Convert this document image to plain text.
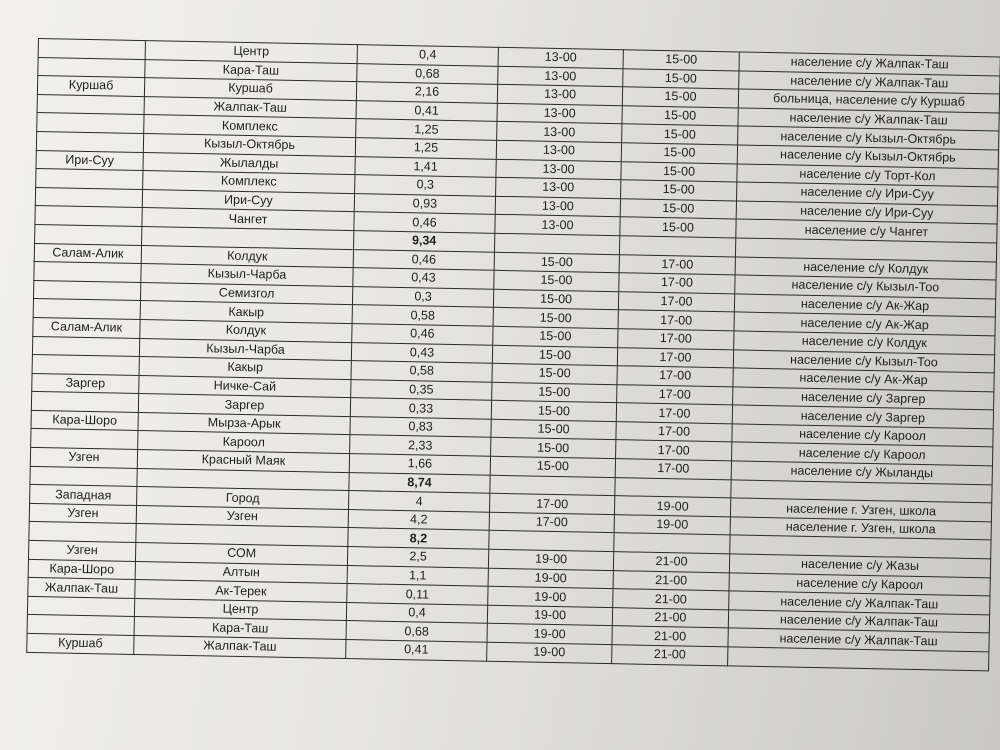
	Центр	0,4	13-00	15-00	население с/у Жалпак-Таш
	Кара-Таш	0,68	13-00	15-00	население с/у Жалпак-Таш
Куршаб	Куршаб	2,16	13-00	15-00	больница, население с/у Куршаб
	Жалпак-Таш	0,41	13-00	15-00	население с/у Жалпак-Таш
	Комплекс	1,25	13-00	15-00	население с/у Кызыл-Октябрь
	Кызыл-Октябрь	1,25	13-00	15-00	население с/у Кызыл-Октябрь
Ири-Суу	Жылалды	1,41	13-00	15-00	население с/у Торт-Кол
	Комплекс	0,3	13-00	15-00	население с/у Ири-Суу
	Ири-Суу	0,93	13-00	15-00	население с/у Ири-Суу
	Чангет	0,46	13-00	15-00	население с/у Чангет
		9,34			
Салам-Алик	Колдук	0,46	15-00	17-00	население с/у Колдук
	Кызыл-Чарба	0,43	15-00	17-00	население с/у Кызыл-Тоо
	Семизгол	0,3	15-00	17-00	население с/у Ак-Жар
	Какыр	0,58	15-00	17-00	население с/у Ак-Жар
Салам-Алик	Колдук	0,46	15-00	17-00	население с/у Колдук
	Кызыл-Чарба	0,43	15-00	17-00	население с/у Кызыл-Тоо
	Какыр	0,58	15-00	17-00	население с/у Ак-Жар
Заргер	Ничке-Сай	0,35	15-00	17-00	население с/у Заргер
	Заргер	0,33	15-00	17-00	население с/у Заргер
Кара-Шоро	Мырза-Арык	0,83	15-00	17-00	население с/у Кароол
	Кароол	2,33	15-00	17-00	население с/у Кароол
Узген	Красный Маяк	1,66	15-00	17-00	население с/у Жыланды
		8,74			
Западная	Город	4	17-00	19-00	население г. Узген, школа
Узген	Узген	4,2	17-00	19-00	население г. Узген, школа
		8,2			
Узген	СОМ	2,5	19-00	21-00	население с/у Жазы
Кара-Шоро	Алтын	1,1	19-00	21-00	население с/у Кароол
Жалпак-Таш	Ак-Терек	0,11	19-00	21-00	население с/у Жалпак-Таш
	Центр	0,4	19-00	21-00	население с/у Жалпак-Таш
	Кара-Таш	0,68	19-00	21-00	население с/у Жалпак-Таш
Куршаб	Жалпак-Таш	0,41	19-00	21-00	
